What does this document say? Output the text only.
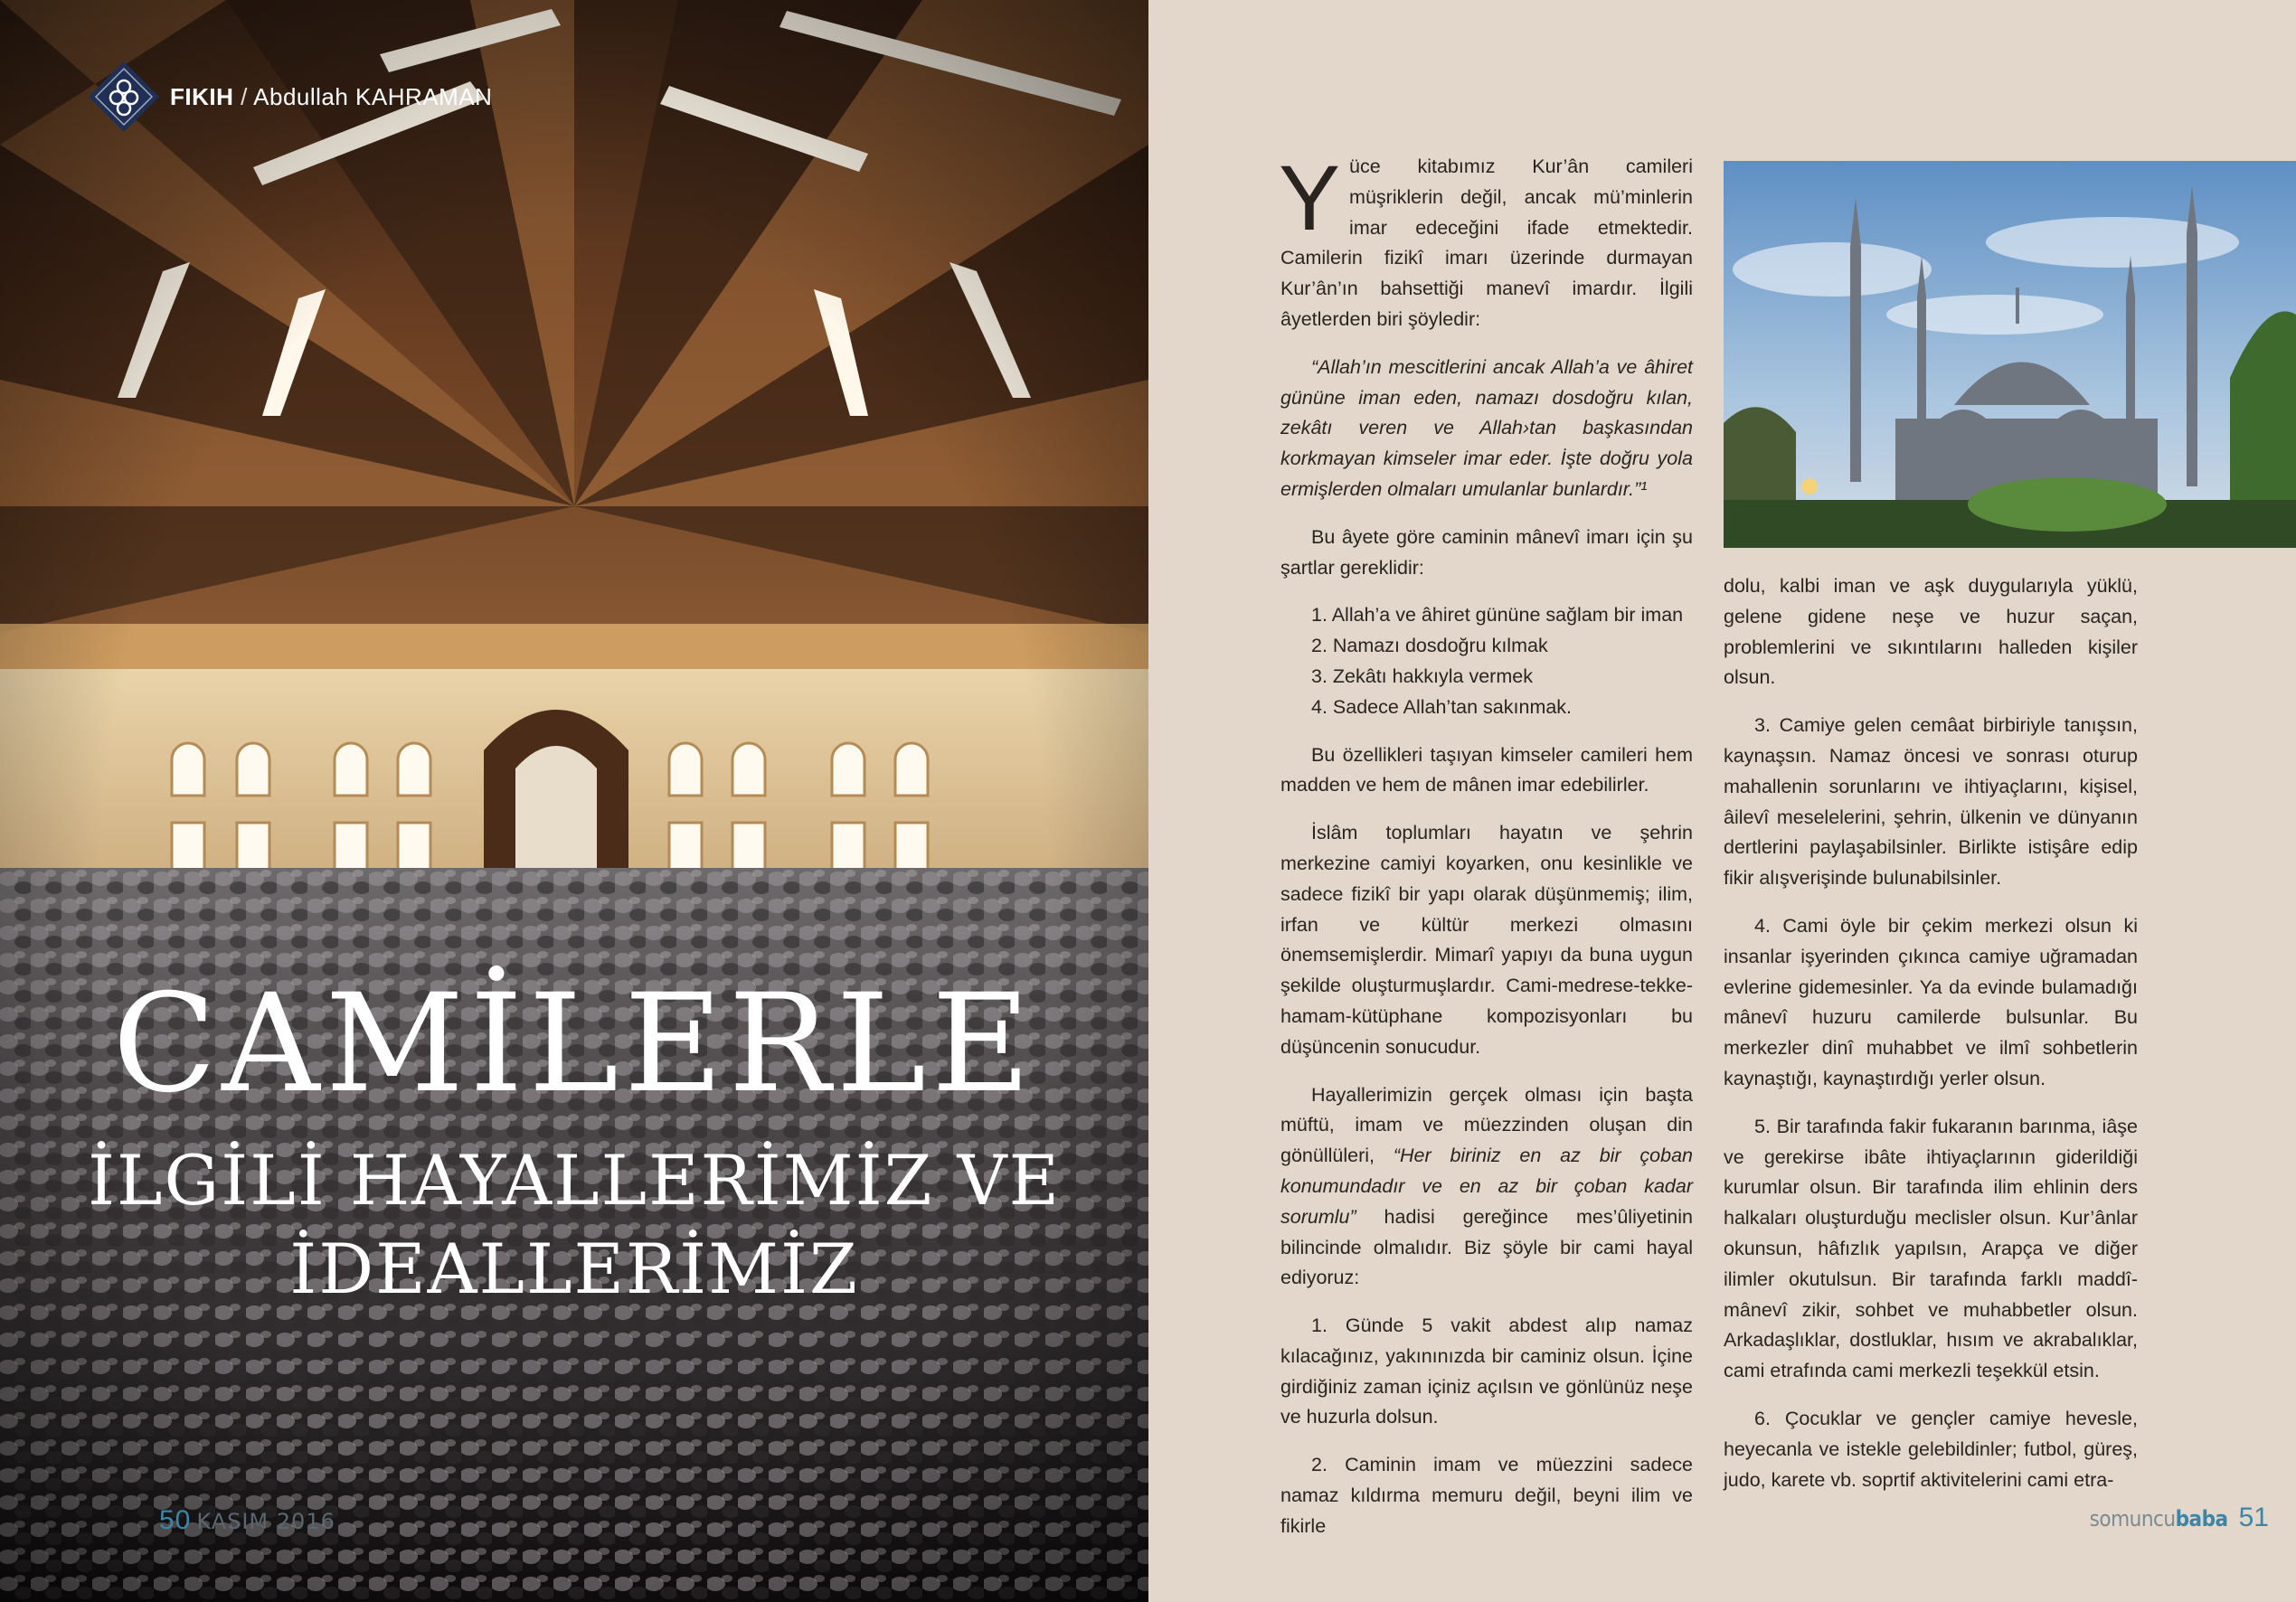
FIKIH / Abdullah KAHRAMAN
CAMİLERLE
İLGİLİ HAYALLERİMİZ VE
İDEALLERİMİZ
50 KASIM 2016

Yüce kitabımız Kur’ân camileri müşriklerin değil, ancak mü’minlerin imar edeceğini ifade etmektedir. Camilerin fizikî imarı üzerinde durmayan Kur’ân’ın bahsettiği manevî imardır. İlgili âyetlerden biri şöyledir:

“Allah’ın mescitlerini ancak Allah’a ve âhiret gününe iman eden, namazı dosdoğru kılan, zekâtı veren ve Allah›tan başkasından korkmayan kimseler imar eder. İşte doğru yola ermişlerden olmaları umulanlar bunlardır.”¹

Bu âyete göre caminin mânevî imarı için şu şartlar gereklidir:

1. Allah’a ve âhiret gününe sağlam bir iman
2. Namazı dosdoğru kılmak
3. Zekâtı hakkıyla vermek
4. Sadece Allah’tan sakınmak.

Bu özellikleri taşıyan kimseler camileri hem madden ve hem de mânen imar edebilirler.

İslâm toplumları hayatın ve şehrin merkezine camiyi koyarken, onu kesinlikle ve sadece fizikî bir yapı olarak düşünmemiş; ilim, irfan ve kültür merkezi olmasını önemsemişlerdir. Mimarî yapıyı da buna uygun şekilde oluşturmuşlardır. Cami-medrese-tekke-hamam-kütüphane kompozisyonları bu düşüncenin sonucudur.

Hayallerimizin gerçek olması için başta müftü, imam ve müezzinden oluşan din gönüllüleri, “Her biriniz en az bir çoban konumundadır ve en az bir çoban kadar sorumlu” hadisi gereğince mes’ûliyetinin bilincinde olmalıdır. Biz şöyle bir cami hayal ediyoruz:

1. Günde 5 vakit abdest alıp namaz kılacağınız, yakınınızda bir caminiz olsun. İçine girdiğiniz zaman içiniz açılsın ve gönlünüz neşe ve huzurla dolsun.

2. Caminin imam ve müezzini sadece namaz kıldırma memuru değil, beyni ilim ve fikirle

dolu, kalbi iman ve aşk duygularıyla yüklü, gelene gidene neşe ve huzur saçan, problemlerini ve sıkıntılarını halleden kişiler olsun.

3. Camiye gelen cemâat birbiriyle tanışsın, kaynaşsın. Namaz öncesi ve sonrası oturup mahallenin sorunlarını ve ihtiyaçlarını, kişisel, âilevî meselelerini, şehrin, ülkenin ve dünyanın dertlerini paylaşabilsinler. Birlikte istişâre edip fikir alışverişinde bulunabilsinler.

4. Cami öyle bir çekim merkezi olsun ki insanlar işyerinden çıkınca camiye uğramadan evlerine gidemesinler. Ya da evinde bulamadığı mânevî huzuru camilerde bulsunlar. Bu merkezler dinî muhabbet ve ilmî sohbetlerin kaynaştığı, kaynaştırdığı yerler olsun.

5. Bir tarafında fakir fukaranın barınma, iâşe ve gerekirse ibâte ihtiyaçlarının giderildiği kurumlar olsun. Bir tarafında ilim ehlinin ders halkaları oluşturduğu meclisler olsun. Kur’ânlar okunsun, hâfızlık yapılsın, Arapça ve diğer ilimler okutulsun. Bir tarafında farklı maddî-mânevî zikir, sohbet ve muhabbetler olsun. Arkadaşlıklar, dostluklar, hısım ve akrabalıklar, cami etrafında cami merkezli teşekkül etsin.

6. Çocuklar ve gençler camiye hevesle, heyecanla ve istekle gelebildinler; futbol, güreş, judo, karete vb. soprtif aktivitelerini cami etra-

somuncubaba 51
